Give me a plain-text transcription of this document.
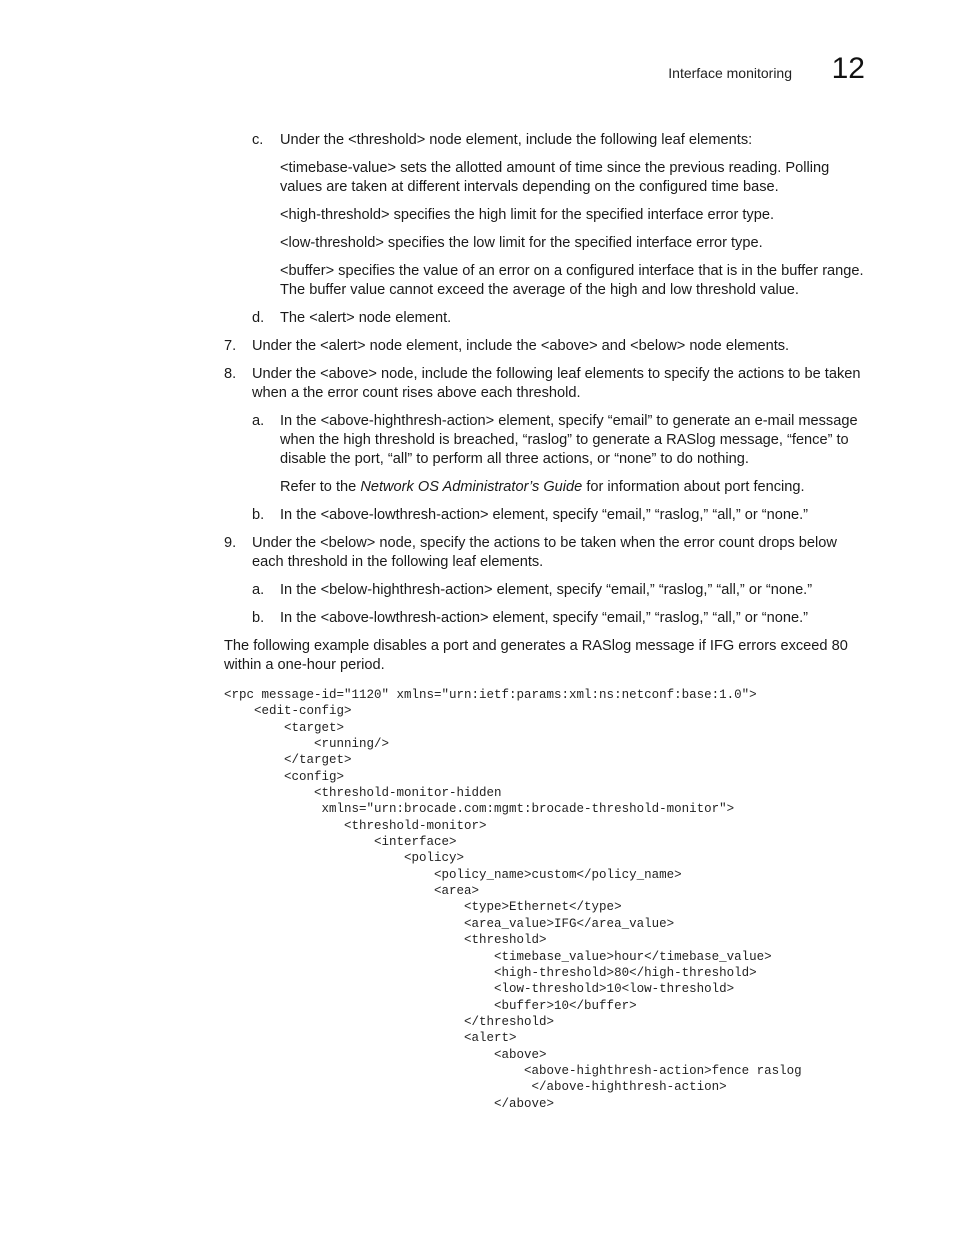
Interface monitoring 12
c. Under the <threshold> node element, include the following leaf elements:
<timebase-value> sets the allotted amount of time since the previous reading. Polling values are taken at different intervals depending on the configured time base.
<high-threshold> specifies the high limit for the specified interface error type.
<low-threshold> specifies the low limit for the specified interface error type.
<buffer> specifies the value of an error on a configured interface that is in the buffer range. The buffer value cannot exceed the average of the high and low threshold value.
d. The <alert> node element.
7. Under the <alert> node element, include the <above> and <below> node elements.
8. Under the <above> node, include the following leaf elements to specify the actions to be taken when a the error count rises above each threshold.
a. In the <above-highthresh-action> element, specify “email” to generate an e-mail message when the high threshold is breached, “raslog” to generate a RASlog message, “fence” to disable the port, “all” to perform all three actions, or “none” to do nothing.
Refer to the Network OS Administrator’s Guide for information about port fencing.
b. In the <above-lowthresh-action> element, specify “email,” “raslog,” “all,” or “none.”
9. Under the <below> node, specify the actions to be taken when the error count drops below each threshold in the following leaf elements.
a. In the <below-highthresh-action> element, specify “email,” “raslog,” “all,” or “none.”
b. In the <above-lowthresh-action> element, specify “email,” “raslog,” “all,” or “none.”
The following example disables a port and generates a RASlog message if IFG errors exceed 80 within a one-hour period.
<rpc message-id="1120" xmlns="urn:ietf:params:xml:ns:netconf:base:1.0">
<edit-config>
<target>
<running/>
</target>
<config>
<threshold-monitor-hidden
xmlns="urn:brocade.com:mgmt:brocade-threshold-monitor">
<threshold-monitor>
<interface>
<policy>
<policy_name>custom</policy_name>
<area>
<type>Ethernet</type>
<area_value>IFG</area_value>
<threshold>
<timebase_value>hour</timebase_value>
<high-threshold>80</high-threshold>
<low-threshold>10<low-threshold>
<buffer>10</buffer>
</threshold>
<alert>
<above>
<above-highthresh-action>fence raslog
</above-highthresh-action>
</above>
